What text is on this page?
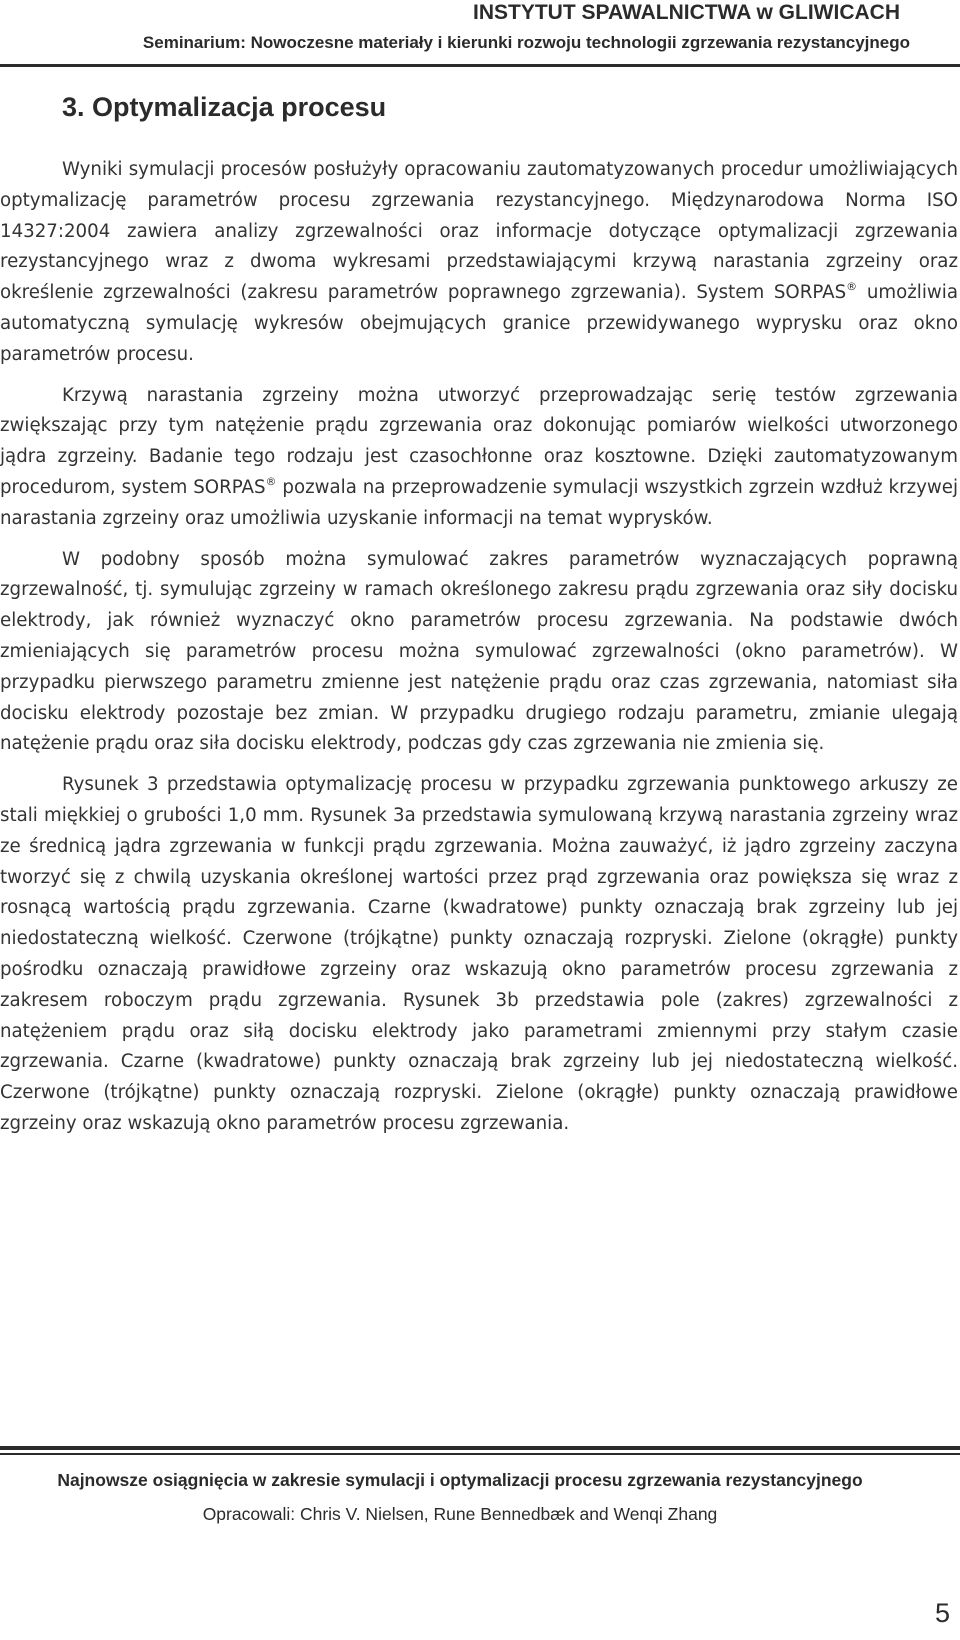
INSTYTUT SPAWALNICTWA w GLIWICACH
Seminarium: Nowoczesne materiały i kierunki rozwoju technologii zgrzewania rezystancyjnego
3. Optymalizacja procesu

Wyniki symulacji procesów posłużyły opracowaniu zautomatyzowanych procedur umożliwiających optymalizację parametrów procesu zgrzewania rezystancyjnego. Międzynarodowa Norma ISO 14327:2004 zawiera analizy zgrzewalności oraz informacje dotyczące optymalizacji zgrzewania rezystancyjnego wraz z dwoma wykresami przedstawiającymi krzywą narastania zgrzeiny oraz określenie zgrzewalności (zakresu parametrów poprawnego zgrzewania). System SORPAS® umożliwia automatyczną symulację wykresów obejmujących granice przewidywanego wyprysku oraz okno parametrów procesu.

Krzywą narastania zgrzeiny można utworzyć przeprowadzając serię testów zgrzewania zwiększając przy tym natężenie prądu zgrzewania oraz dokonując pomiarów wielkości utworzonego jądra zgrzeiny. Badanie tego rodzaju jest czasochłonne oraz kosztowne. Dzięki zautomatyzowanym procedurom, system SORPAS® pozwala na przeprowadzenie symulacji wszystkich zgrzein wzdłuż krzywej narastania zgrzeiny oraz umożliwia uzyskanie informacji na temat wyprysków.

W podobny sposób można symulować zakres parametrów wyznaczających poprawną zgrzewalność, tj. symulując zgrzeiny w ramach określonego zakresu prądu zgrzewania oraz siły docisku elektrody, jak również wyznaczyć okno parametrów procesu zgrzewania. Na podstawie dwóch zmieniających się parametrów procesu można symulować zgrzewalności (okno parametrów). W przypadku pierwszego parametru zmienne jest natężenie prądu oraz czas zgrzewania, natomiast siła docisku elektrody pozostaje bez zmian. W przypadku drugiego rodzaju parametru, zmianie ulegają natężenie prądu oraz siła docisku elektrody, podczas gdy czas zgrzewania nie zmienia się.

Rysunek 3 przedstawia optymalizację procesu w przypadku zgrzewania punktowego arkuszy ze stali miękkiej o grubości 1,0 mm. Rysunek 3a przedstawia symulowaną krzywą narastania zgrzeiny wraz ze średnicą jądra zgrzewania w funkcji prądu zgrzewania. Można zauważyć, iż jądro zgrzeiny zaczyna tworzyć się z chwilą uzyskania określonej wartości przez prąd zgrzewania oraz powiększa się wraz z rosnącą wartością prądu zgrzewania. Czarne (kwadratowe) punkty oznaczają brak zgrzeiny lub jej niedostateczną wielkość. Czerwone (trójkątne) punkty oznaczają rozpryski. Zielone (okrągłe) punkty pośrodku oznaczają prawidłowe zgrzeiny oraz wskazują okno parametrów procesu zgrzewania z zakresem roboczym prądu zgrzewania. Rysunek 3b przedstawia pole (zakres) zgrzewalności z natężeniem prądu oraz siłą docisku elektrody jako parametrami zmiennymi przy stałym czasie zgrzewania. Czarne (kwadratowe) punkty oznaczają brak zgrzeiny lub jej niedostateczną wielkość. Czerwone (trójkątne) punkty oznaczają rozpryski. Zielone (okrągłe) punkty oznaczają prawidłowe zgrzeiny oraz wskazują okno parametrów procesu zgrzewania.

Najnowsze osiągnięcia w zakresie symulacji i optymalizacji procesu zgrzewania rezystancyjnego
Opracowali: Chris V. Nielsen, Rune Bennedbæk and Wenqi Zhang
5
